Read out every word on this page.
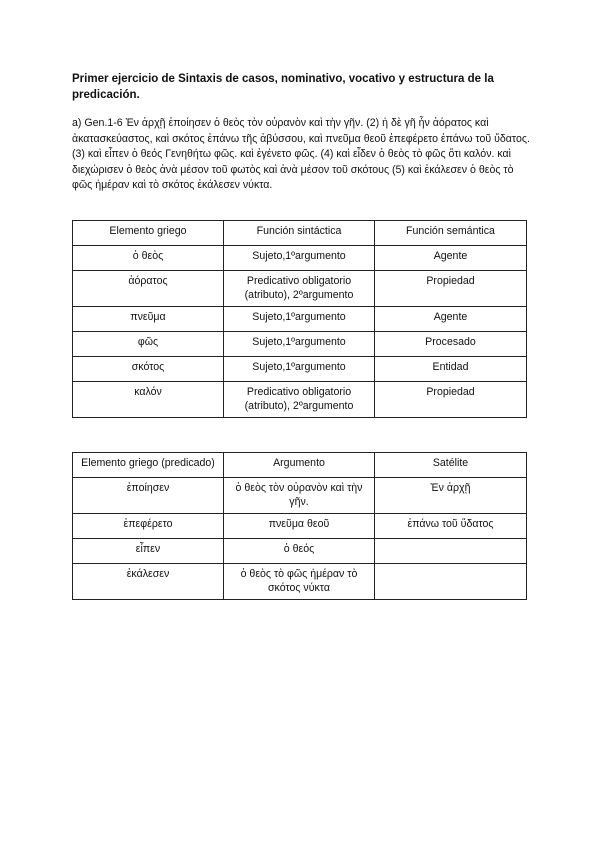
Primer ejercicio de Sintaxis de casos, nominativo, vocativo y estructura de la predicación.
a) Gen.1-6 Ἐν ἀρχῇ ἐποίησεν ὁ θεὸς τὸν οὐρανὸν καὶ τὴν γῆν. (2) ἡ δὲ γῆ ἦν ἀόρατος καὶ ἀκατασκεύαστος, καὶ σκότος ἐπάνω τῆς ἀβύσσου, καὶ πνεῦμα θεοῦ ἐπεφέρετο ἐπάνω τοῦ ὕδατος. (3) καὶ εἶπεν ὁ θεός Γενηθήτω φῶς. καὶ ἐγένετο φῶς. (4) καὶ εἶδεν ὁ θεὸς τὸ φῶς ὅτι καλόν. καὶ διεχώρισεν ὁ θεὸς ἀνὰ μέσον τοῦ φωτὸς καὶ ἀνὰ μέσον τοῦ σκότους (5) καὶ ἐκάλεσεν ὁ θεὸς τὸ φῶς ἡμέραν καὶ τὸ σκότος ἐκάλεσεν νύκτα.
Elemento griego	Función sintáctica	Función semántica
ὁ θεὸς	Sujeto,1ºargumento	Agente
ἀόρατος	Predicativo obligatorio (atributo), 2ºargumento	Propiedad
πνεῦμα	Sujeto,1ºargumento	Agente
φῶς	Sujeto,1ºargumento	Procesado
σκότος	Sujeto,1ºargumento	Entidad
καλόν	Predicativo obligatorio (atributo), 2ºargumento	Propiedad
Elemento griego (predicado)	Argumento	Satélite
ἐποίησεν	ὁ θεὸς τὸν οὐρανὸν καὶ τὴν γῆν.	Ἐν ἀρχῇ
ἐπεφέρετο	πνεῦμα θεοῦ	ἐπάνω τοῦ ὕδατος
εἶπεν	ὁ θεός	
ἐκάλεσεν	ὁ θεὸς τὸ φῶς ἡμέραν τὸ σκότος νύκτα	
